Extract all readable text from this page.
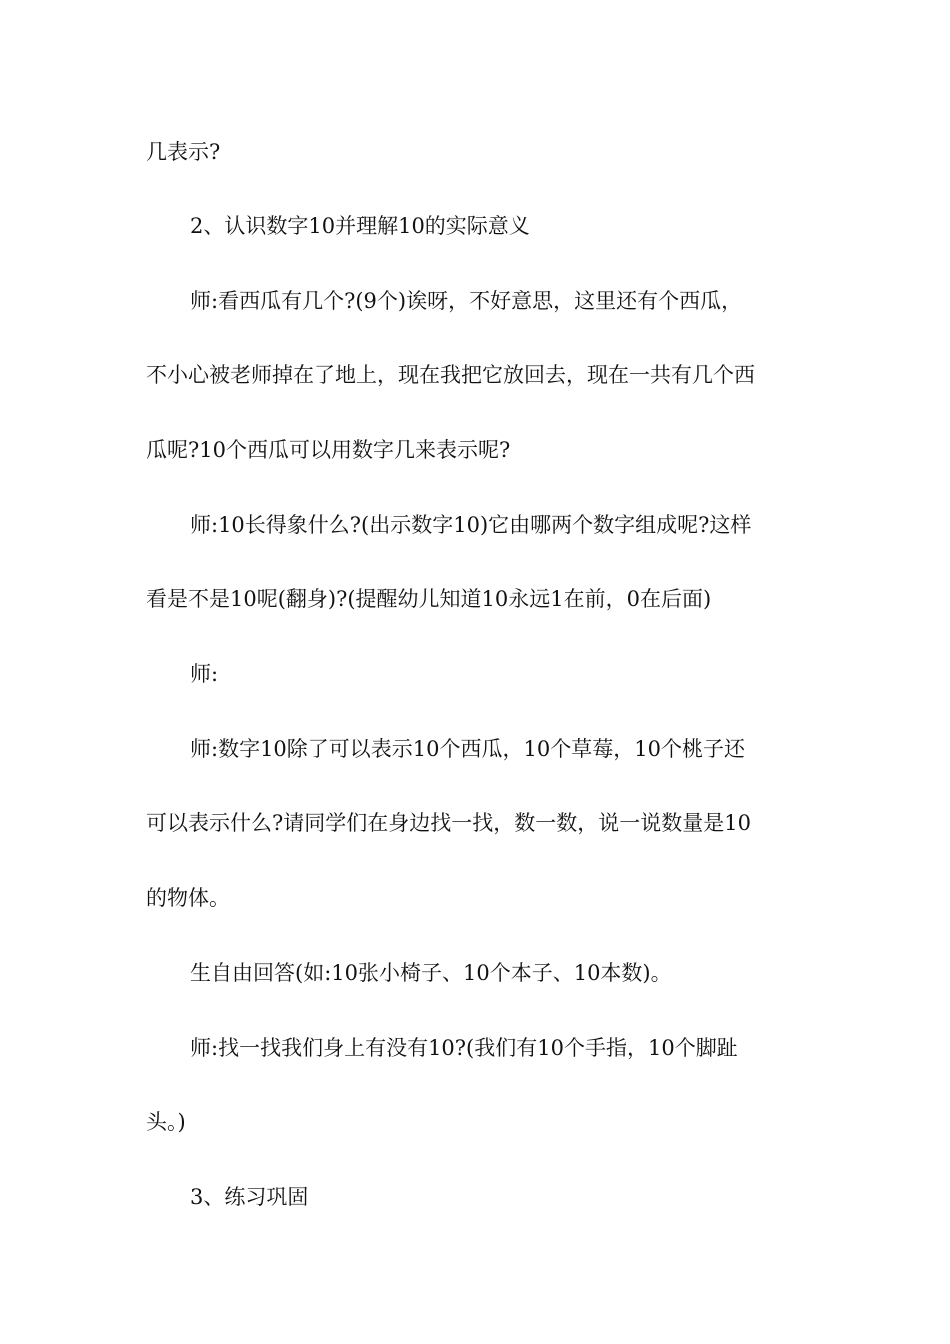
几表示?
2、认识数字10并理解10的实际意义
师:看西瓜有几个?(9个)诶呀，不好意思，这里还有个西瓜，
不小心被老师掉在了地上，现在我把它放回去，现在一共有几个西
瓜呢?10个西瓜可以用数字几来表示呢?
师:10长得象什么?(出示数字10)它由哪两个数字组成呢?这样
看是不是10呢(翻身)?(提醒幼儿知道10永远1在前，0在后面)
师:
师:数字10除了可以表示10个西瓜，10个草莓，10个桃子还
可以表示什么?请同学们在身边找一找，数一数，说一说数量是10
的物体。
生自由回答(如:10张小椅子、10个本子、10本数)。
师:找一找我们身上有没有10?(我们有10个手指，10个脚趾
头。)
3、练习巩固
